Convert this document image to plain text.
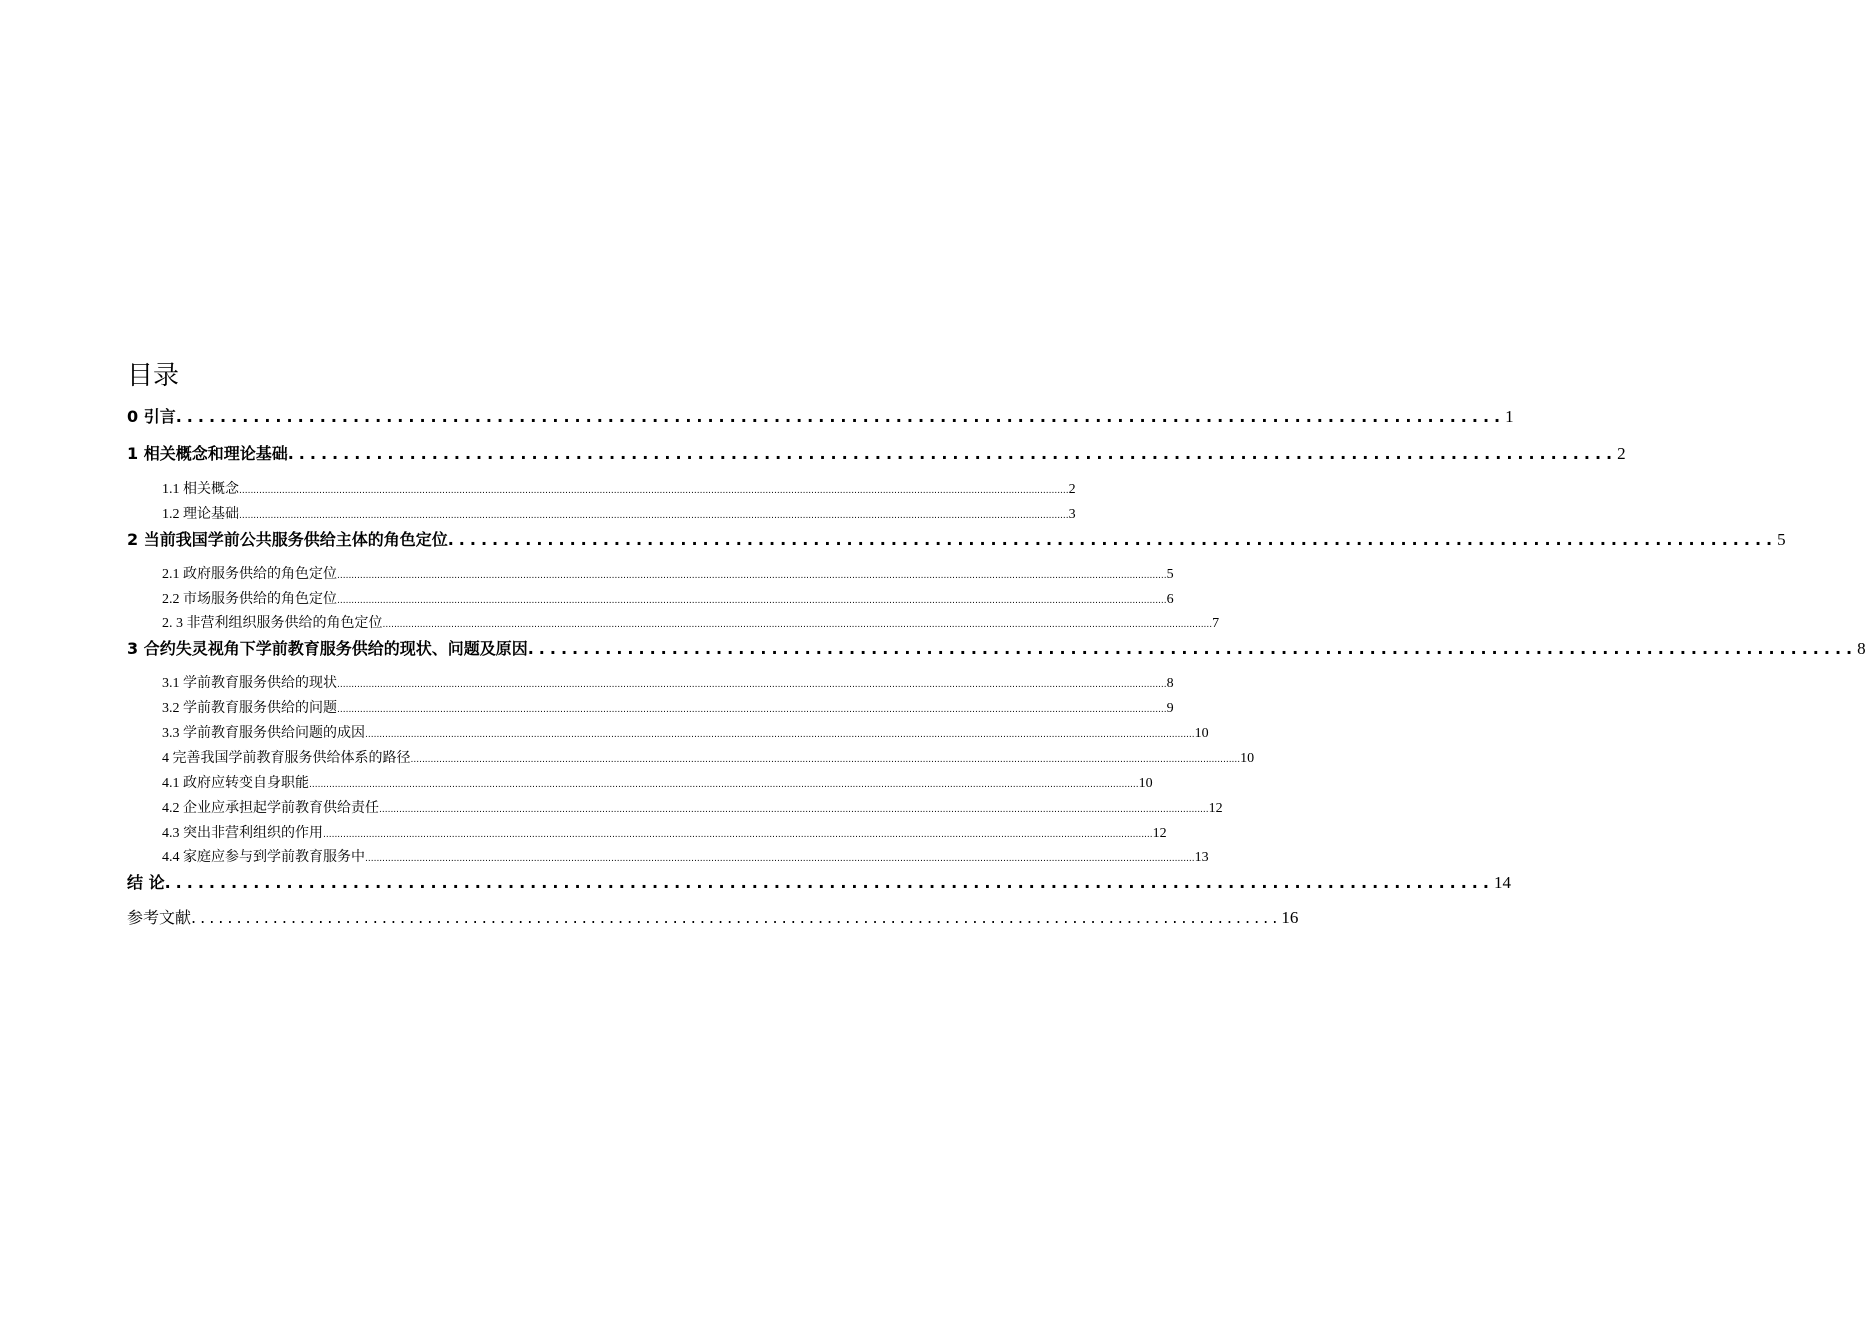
目录
0 引言 ........................................................................................................................ 1
1 相关概念和理论基础 ........................................................................................................................ 2
1.1 相关概念 .................................................................................................................................................................................................................................................................................................. 2
1.2 理论基础 .................................................................................................................................................................................................................................................................................................. 3
2 当前我国学前公共服务供给主体的角色定位 ........................................................................................................................ 5
2.1 政府服务供给的角色定位 .................................................................................................................................................................................................................................................................................................. 5
2.2 市场服务供给的角色定位 .................................................................................................................................................................................................................................................................................................. 6
2. 3 非营利组织服务供给的角色定位 .................................................................................................................................................................................................................................................................................................. 7
3 合约失灵视角下学前教育服务供给的现状、问题及原因 ........................................................................................................................ 8
3.1 学前教育服务供给的现状 .................................................................................................................................................................................................................................................................................................. 8
3.2 学前教育服务供给的问题 .................................................................................................................................................................................................................................................................................................. 9
3.3 学前教育服务供给问题的成因 .................................................................................................................................................................................................................................................................................................. 10
4 完善我国学前教育服务供给体系的路径 .................................................................................................................................................................................................................................................................................................. 10
4.1 政府应转变自身职能 .................................................................................................................................................................................................................................................................................................. 10
4.2 企业应承担起学前教育供给责任 .................................................................................................................................................................................................................................................................................................. 12
4.3 突出非营利组织的作用 .................................................................................................................................................................................................................................................................................................. 12
4.4 家庭应参与到学前教育服务中 .................................................................................................................................................................................................................................................................................................. 13
结 论 ........................................................................................................................ 14
参考文献 ........................................................................................................................ 16
